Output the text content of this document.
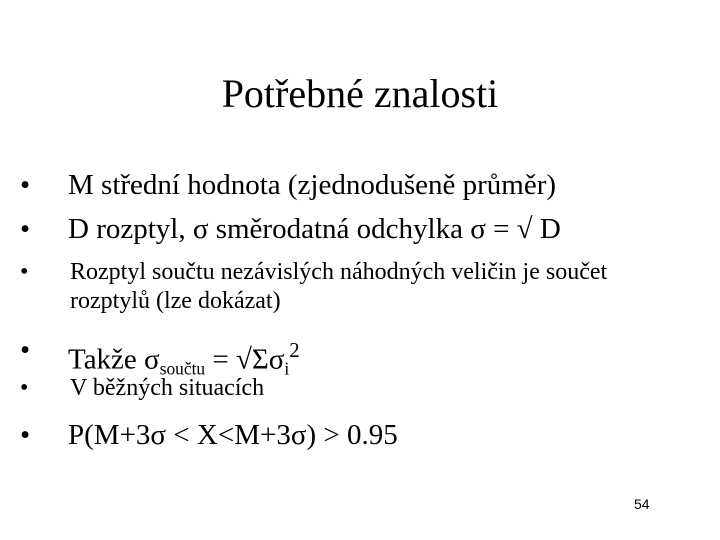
Potřebné znalosti
• M střední hodnota (zjednodušeně průměr)
• D rozptyl, σ směrodatná odchylka σ = √ D
• Rozptyl součtu nezávislých náhodných veličin je součet
rozptylů (lze dokázat)
• Takže $\sigma_{součtu} = √\Sigma\sigma_i^2$
• V běžných situacích
• P(M+3σ < X<M+3σ) > 0.95
54
